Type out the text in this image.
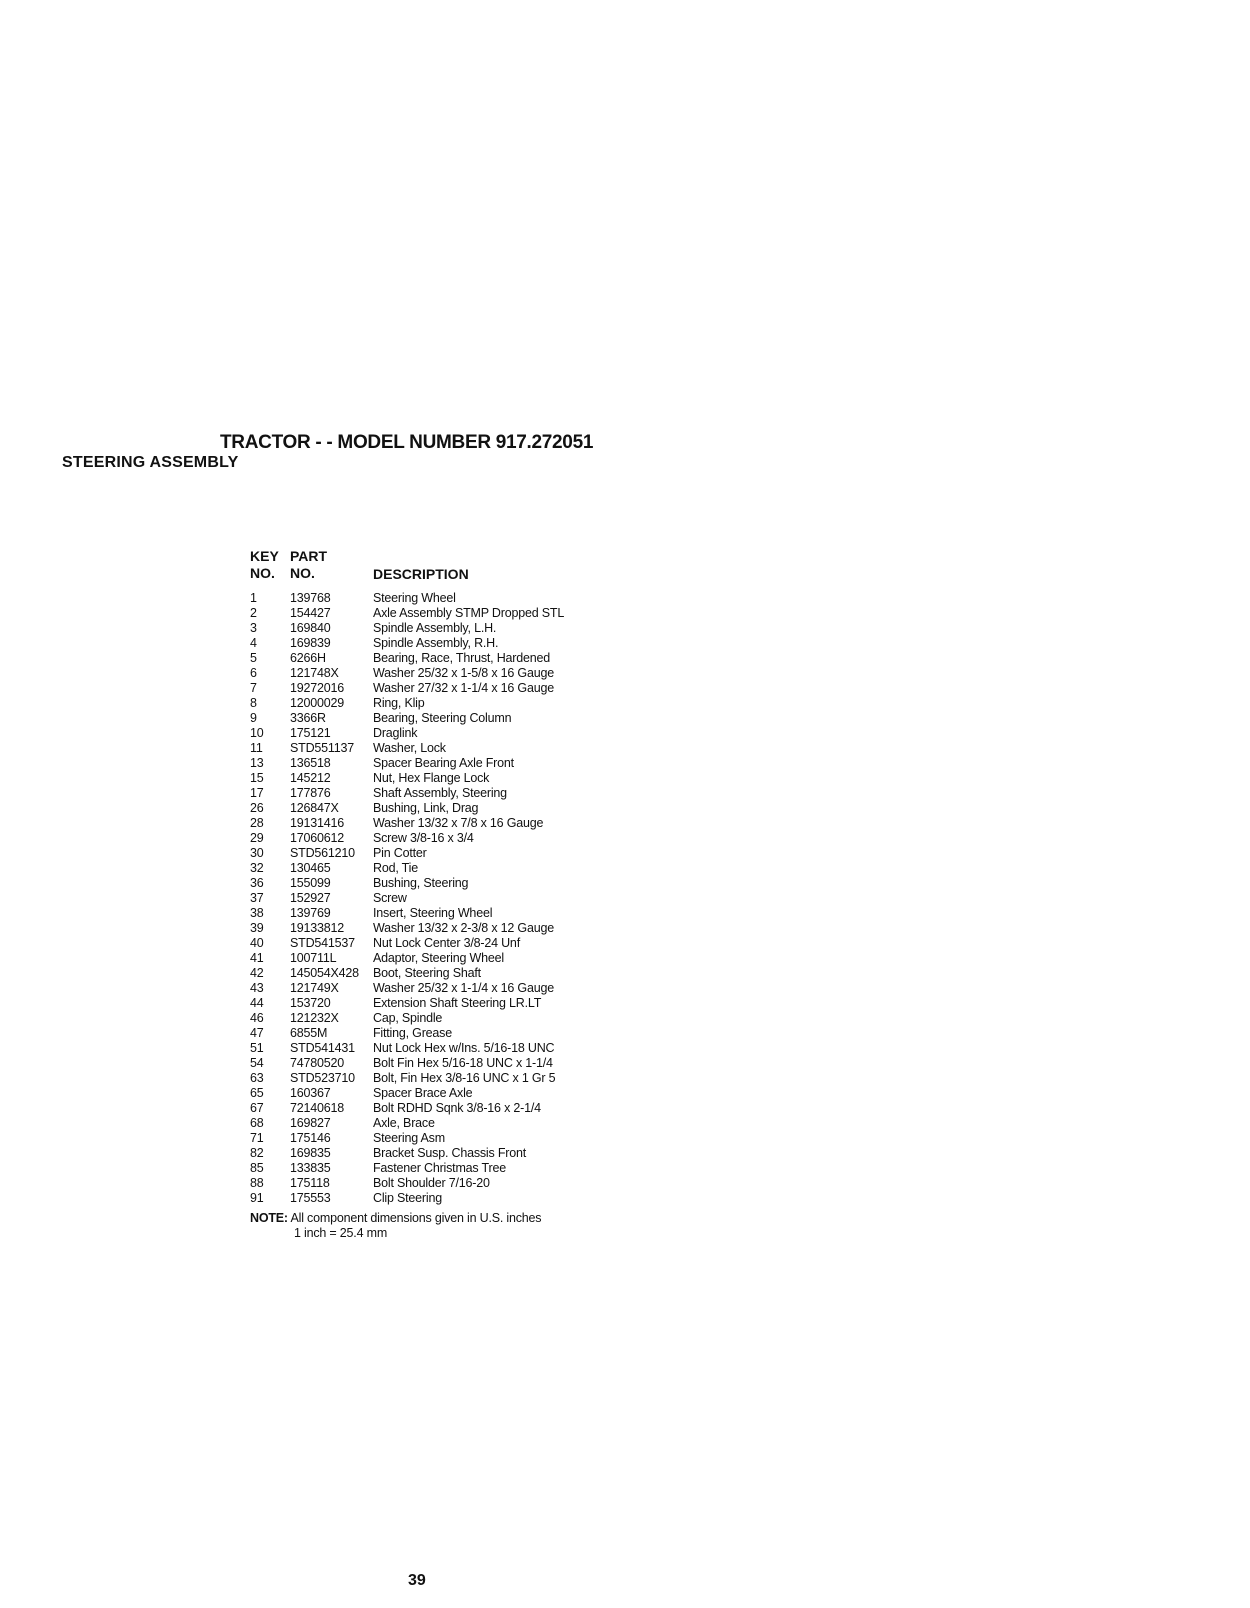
TRACTOR - - MODEL NUMBER 917.272051
STEERING ASSEMBLY
KEY
NO.
PART
NO.	DESCRIPTION
1	139768	Steering Wheel
2	154427	Axle Assembly STMP Dropped STL
3	169840	Spindle Assembly, L.H.
4	169839	Spindle Assembly, R.H.
5	6266H	Bearing, Race, Thrust, Hardened
6	121748X	Washer 25/32 x 1-5/8 x 16 Gauge
7	19272016	Washer 27/32 x 1-1/4 x 16 Gauge
8	12000029	Ring, Klip
9	3366R	Bearing, Steering Column
10	175121	Draglink
11	STD551137	Washer, Lock
13	136518	Spacer Bearing Axle Front
15	145212	Nut, Hex Flange Lock
17	177876	Shaft Assembly, Steering
26	126847X	Bushing, Link, Drag
28	19131416	Washer 13/32 x 7/8 x 16 Gauge
29	17060612	Screw 3/8-16 x 3/4
30	STD561210	Pin Cotter
32	130465	Rod, Tie
36	155099	Bushing, Steering
37	152927	Screw
38	139769	Insert, Steering Wheel
39	19133812	Washer 13/32 x 2-3/8 x 12 Gauge
40	STD541537	Nut Lock Center 3/8-24 Unf
41	100711L	Adaptor, Steering Wheel
42	145054X428	Boot, Steering Shaft
43	121749X	Washer 25/32 x 1-1/4 x 16 Gauge
44	153720	Extension Shaft Steering LR.LT
46	121232X	Cap, Spindle
47	6855M	Fitting, Grease
51	STD541431	Nut Lock Hex w/Ins. 5/16-18 UNC
54	74780520	Bolt Fin Hex 5/16-18 UNC x 1-1/4
63	STD523710	Bolt, Fin Hex 3/8-16 UNC x 1 Gr 5
65	160367	Spacer Brace Axle
67	72140618	Bolt RDHD Sqnk 3/8-16 x 2-1/4
68	169827	Axle, Brace
71	175146	Steering Asm
82	169835	Bracket Susp. Chassis Front
85	133835	Fastener Christmas Tree
88	175118	Bolt Shoulder 7/16-20
91	175553	Clip Steering
NOTE: All component dimensions given in U.S. inches
1 inch = 25.4 mm
39
